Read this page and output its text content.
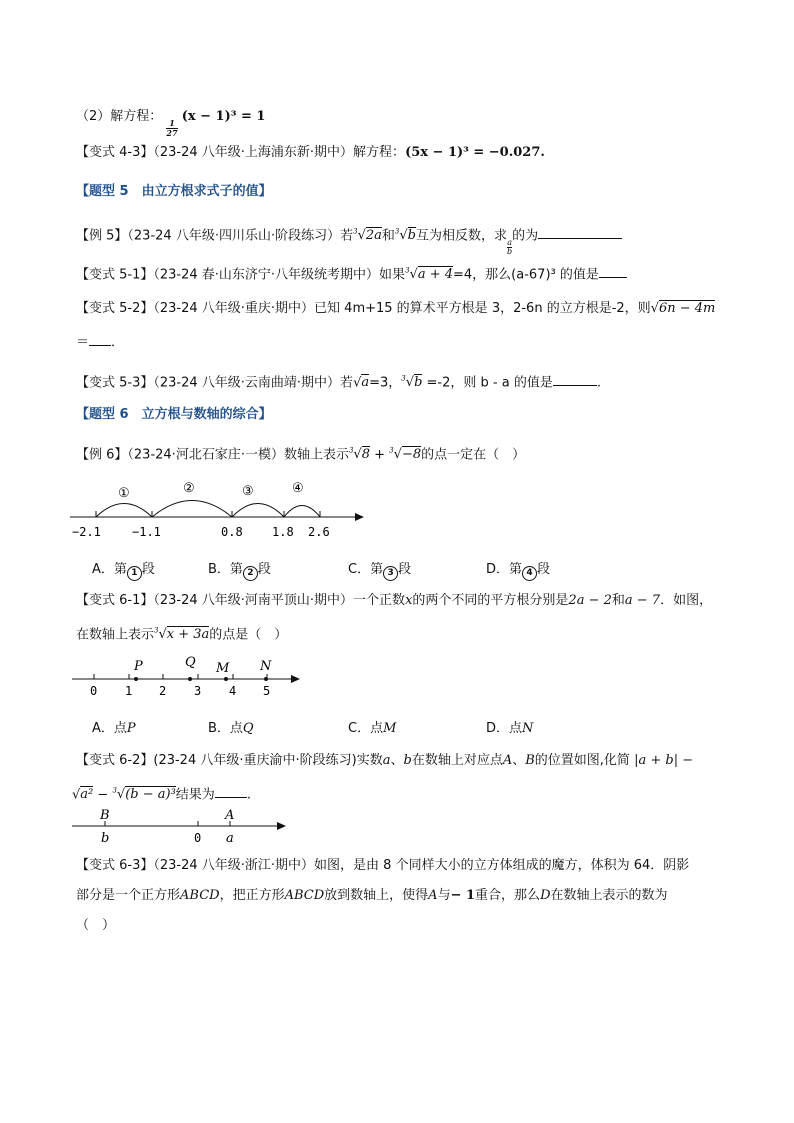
（2）解方程：
$\frac{1}{27}$
(x − 1)³ = 1
【变式 4-3】（23-24 八年级·上海浦东新·期中）解方程：(5x − 1)³ = −0.027.
【题型 5　由立方根求式子的值】
【例 5】（23-24 八年级·四川乐山·阶段练习）若$^3$√2a和$^3$√b互为相反数，求
$\frac{a}{b}$
的为
【变式 5-1】（23-24 春·山东济宁·八年级统考期中）如果$^3$√a + 4=4，那么(a-67)³ 的值是
【变式 5-2】（23-24 八年级·重庆·期中）已知 4m+15 的算术平方根是 3，2-6n 的立方根是-2，则√6n − 4m
＝ ．
【变式 5-3】（23-24 八年级·云南曲靖·期中）若√a=3，$^3$√b =-2，则 b - a 的值是	.
【题型 6　立方根与数轴的综合】
【例 6】（23-24·河北石家庄·一模）数轴上表示$^3$√8 + $^3$√−8的点一定在（　）
①	②	③	④
−2.1	−1.1	0.8 1.8 2.6
A．第 1 段	B．第 2 段	C．第 3 段	D．第 4 段
【变式 6-1】（23-24 八年级·河南平顶山·期中）一个正数x的两个不同的平方根分别是2a − 2和a − 7．如图，
在数轴上表示$^3$√x + 3a的点是（　）
P	Q M N
0 1 2 3 4 5
A．点P	B．点Q	C．点M	D．点N
【变式 6-2】(23-24 八年级·重庆渝中·阶段练习)实数a、b在数轴上对应点A、B的位置如图,化简 |a + b| −
√a² − $^3$√(b − a)³结果为 .
B	A
b	0 a
【变式 6-3】（23-24 八年级·浙江·期中）如图，是由 8 个同样大小的立方体组成的魔方，体积为 64．阴影
部分是一个正方形ABCD，把正方形ABCD放到数轴上，使得A与− 1重合，那么D在数轴上表示的数为
（　）
